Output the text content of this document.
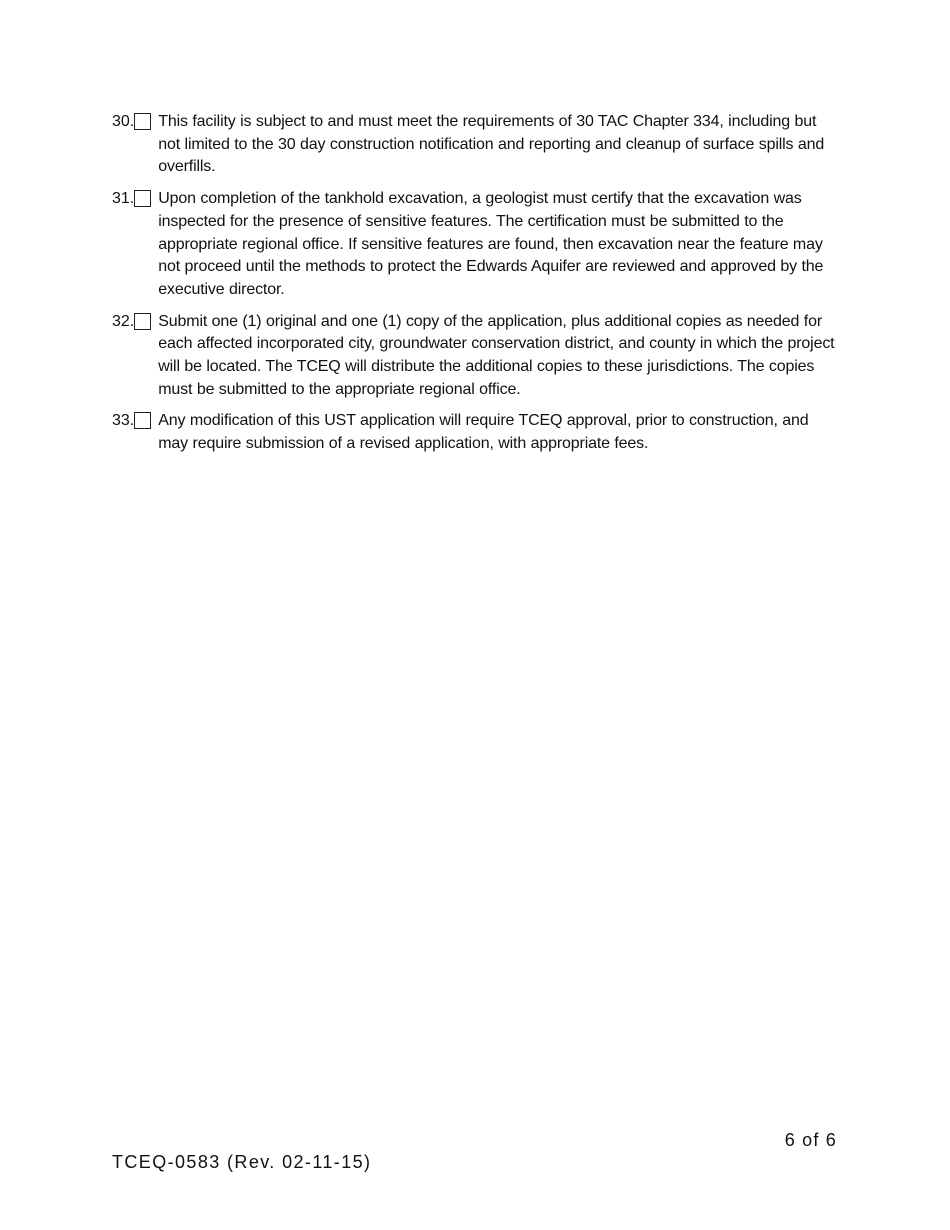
30. This facility is subject to and must meet the requirements of 30 TAC Chapter 334, including but not limited to the 30 day construction notification and reporting and cleanup of surface spills and overfills.
31. Upon completion of the tankhold excavation, a geologist must certify that the excavation was inspected for the presence of sensitive features. The certification must be submitted to the appropriate regional office. If sensitive features are found, then excavation near the feature may not proceed until the methods to protect the Edwards Aquifer are reviewed and approved by the executive director.
32. Submit one (1) original and one (1) copy of the application, plus additional copies as needed for each affected incorporated city, groundwater conservation district, and county in which the project will be located. The TCEQ will distribute the additional copies to these jurisdictions. The copies must be submitted to the appropriate regional office.
33. Any modification of this UST application will require TCEQ approval, prior to construction, and may require submission of a revised application, with appropriate fees.
6 of 6
TCEQ-0583 (Rev. 02-11-15)
